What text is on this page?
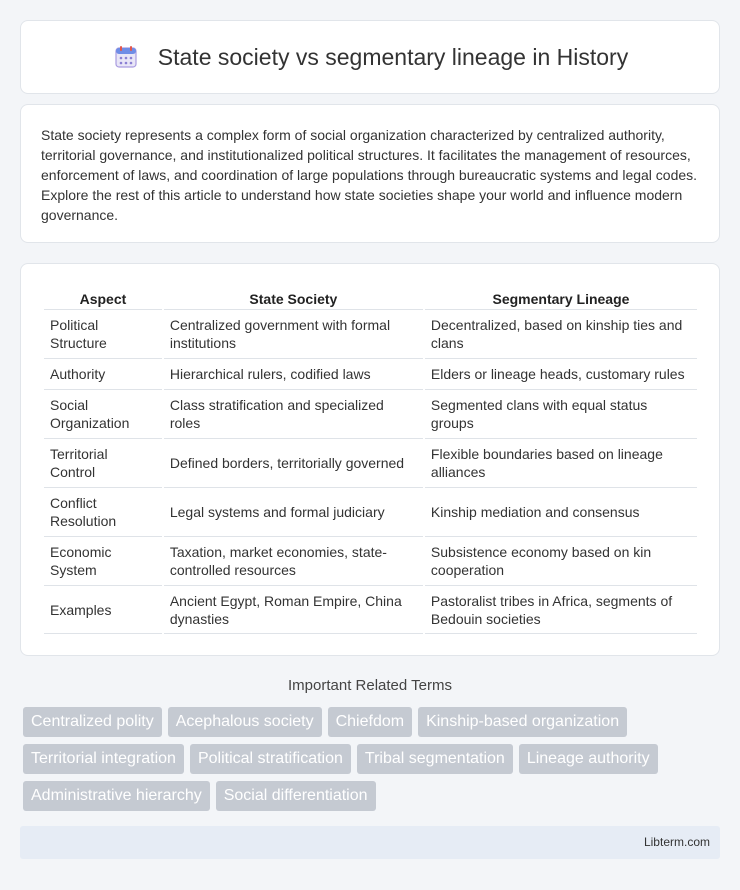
State society vs segmentary lineage in History

State society represents a complex form of social organization characterized by centralized authority, territorial governance, and institutionalized political structures. It facilitates the management of resources, enforcement of laws, and coordination of large populations through bureaucratic systems and legal codes. Explore the rest of this article to understand how state societies shape your world and influence modern governance.

Aspect	State Society	Segmentary Lineage
Political Structure	Centralized government with formal institutions	Decentralized, based on kinship ties and clans
Authority	Hierarchical rulers, codified laws	Elders or lineage heads, customary rules
Social Organization	Class stratification and specialized roles	Segmented clans with equal status groups
Territorial Control	Defined borders, territorially governed	Flexible boundaries based on lineage alliances
Conflict Resolution	Legal systems and formal judiciary	Kinship mediation and consensus
Economic System	Taxation, market economies, state-controlled resources	Subsistence economy based on kin cooperation
Examples	Ancient Egypt, Roman Empire, China dynasties	Pastoralist tribes in Africa, segments of Bedouin societies
Important Related Terms
Centralized polity	Acephalous society	Chiefdom	Kinship-based organization
Territorial integration	Political stratification	Tribal segmentation	Lineage authority
Administrative hierarchy	Social differentiation
Libterm.com
